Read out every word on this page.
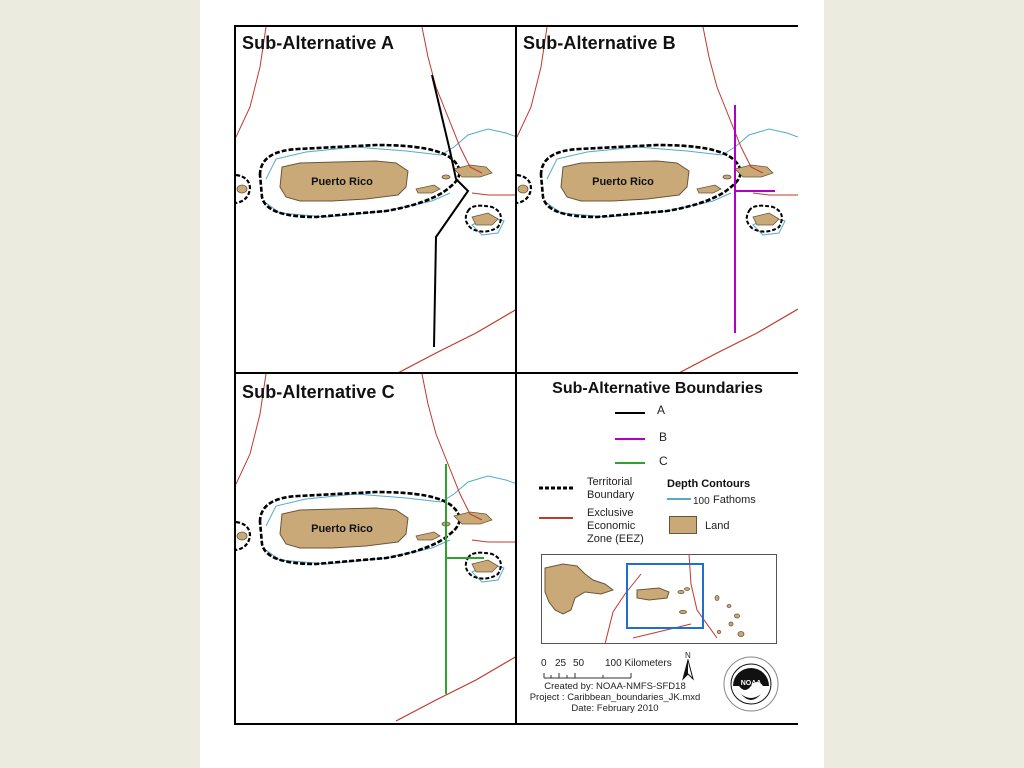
Puerto Rico
Sub-Alternative A
Puerto Rico
Sub-Alternative B
Puerto Rico
Sub-Alternative C	Sub-Alternative Boundaries
A
B
C
Territorial
Boundary
Exclusive
Economic
Zone (EEZ)
Depth Contours
100 Fathoms
Land
0 25 50 100 Kilometers
N
Created by: NOAA-NMFS-SFD18
Project : Caribbean_boundaries_JK.mxd
Date: February 2010
NOAA
